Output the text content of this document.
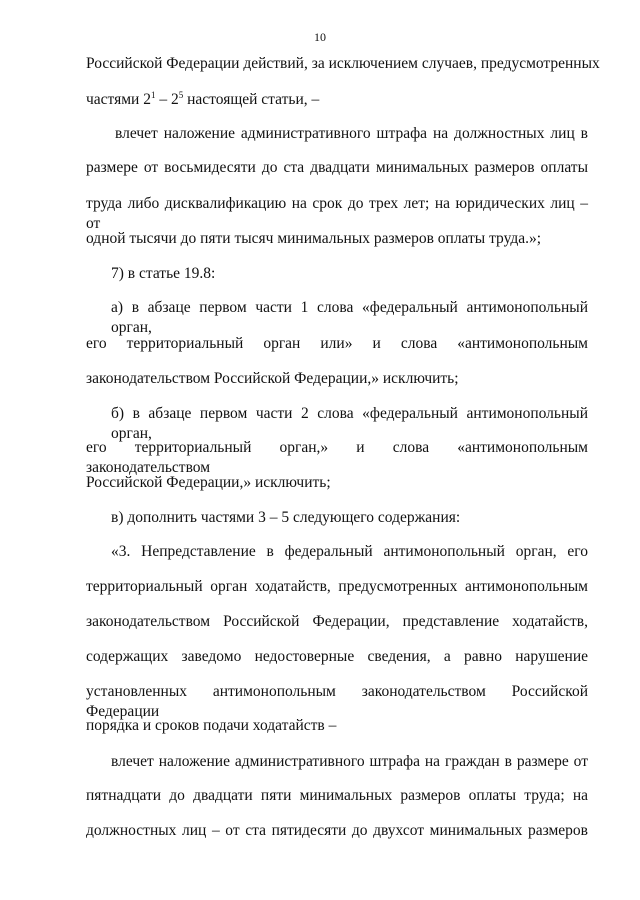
10
Российской Федерации действий, за исключением случаев, предусмотренных
частями $2^1 - 2^5$ настоящей статьи, –
влечет наложение административного штрафа на должностных лиц в
размере от восьмидесяти до ста двадцати минимальных размеров оплаты
труда либо дисквалификацию на срок до трех лет; на юридических лиц – от
одной тысячи до пяти тысяч минимальных размеров оплаты труда.»;
7) в статье 19.8:
а) в абзаце первом части 1 слова «федеральный антимонопольный орган,
его территориальный орган или» и слова «антимонопольным
законодательством Российской Федерации,» исключить;
б) в абзаце первом части 2 слова «федеральный антимонопольный орган,
его территориальный орган,» и слова «антимонопольным законодательством
Российской Федерации,» исключить;
в) дополнить частями 3 – 5 следующего содержания:
«3. Непредставление в федеральный антимонопольный орган, его
территориальный орган ходатайств, предусмотренных антимонопольным
законодательством Российской Федерации, представление ходатайств,
содержащих заведомо недостоверные сведения, а равно нарушение
установленных антимонопольным законодательством Российской Федерации
порядка и сроков подачи ходатайств –
влечет наложение административного штрафа на граждан в размере от
пятнадцати до двадцати пяти минимальных размеров оплаты труда; на
должностных лиц – от ста пятидесяти до двухсот минимальных размеров
